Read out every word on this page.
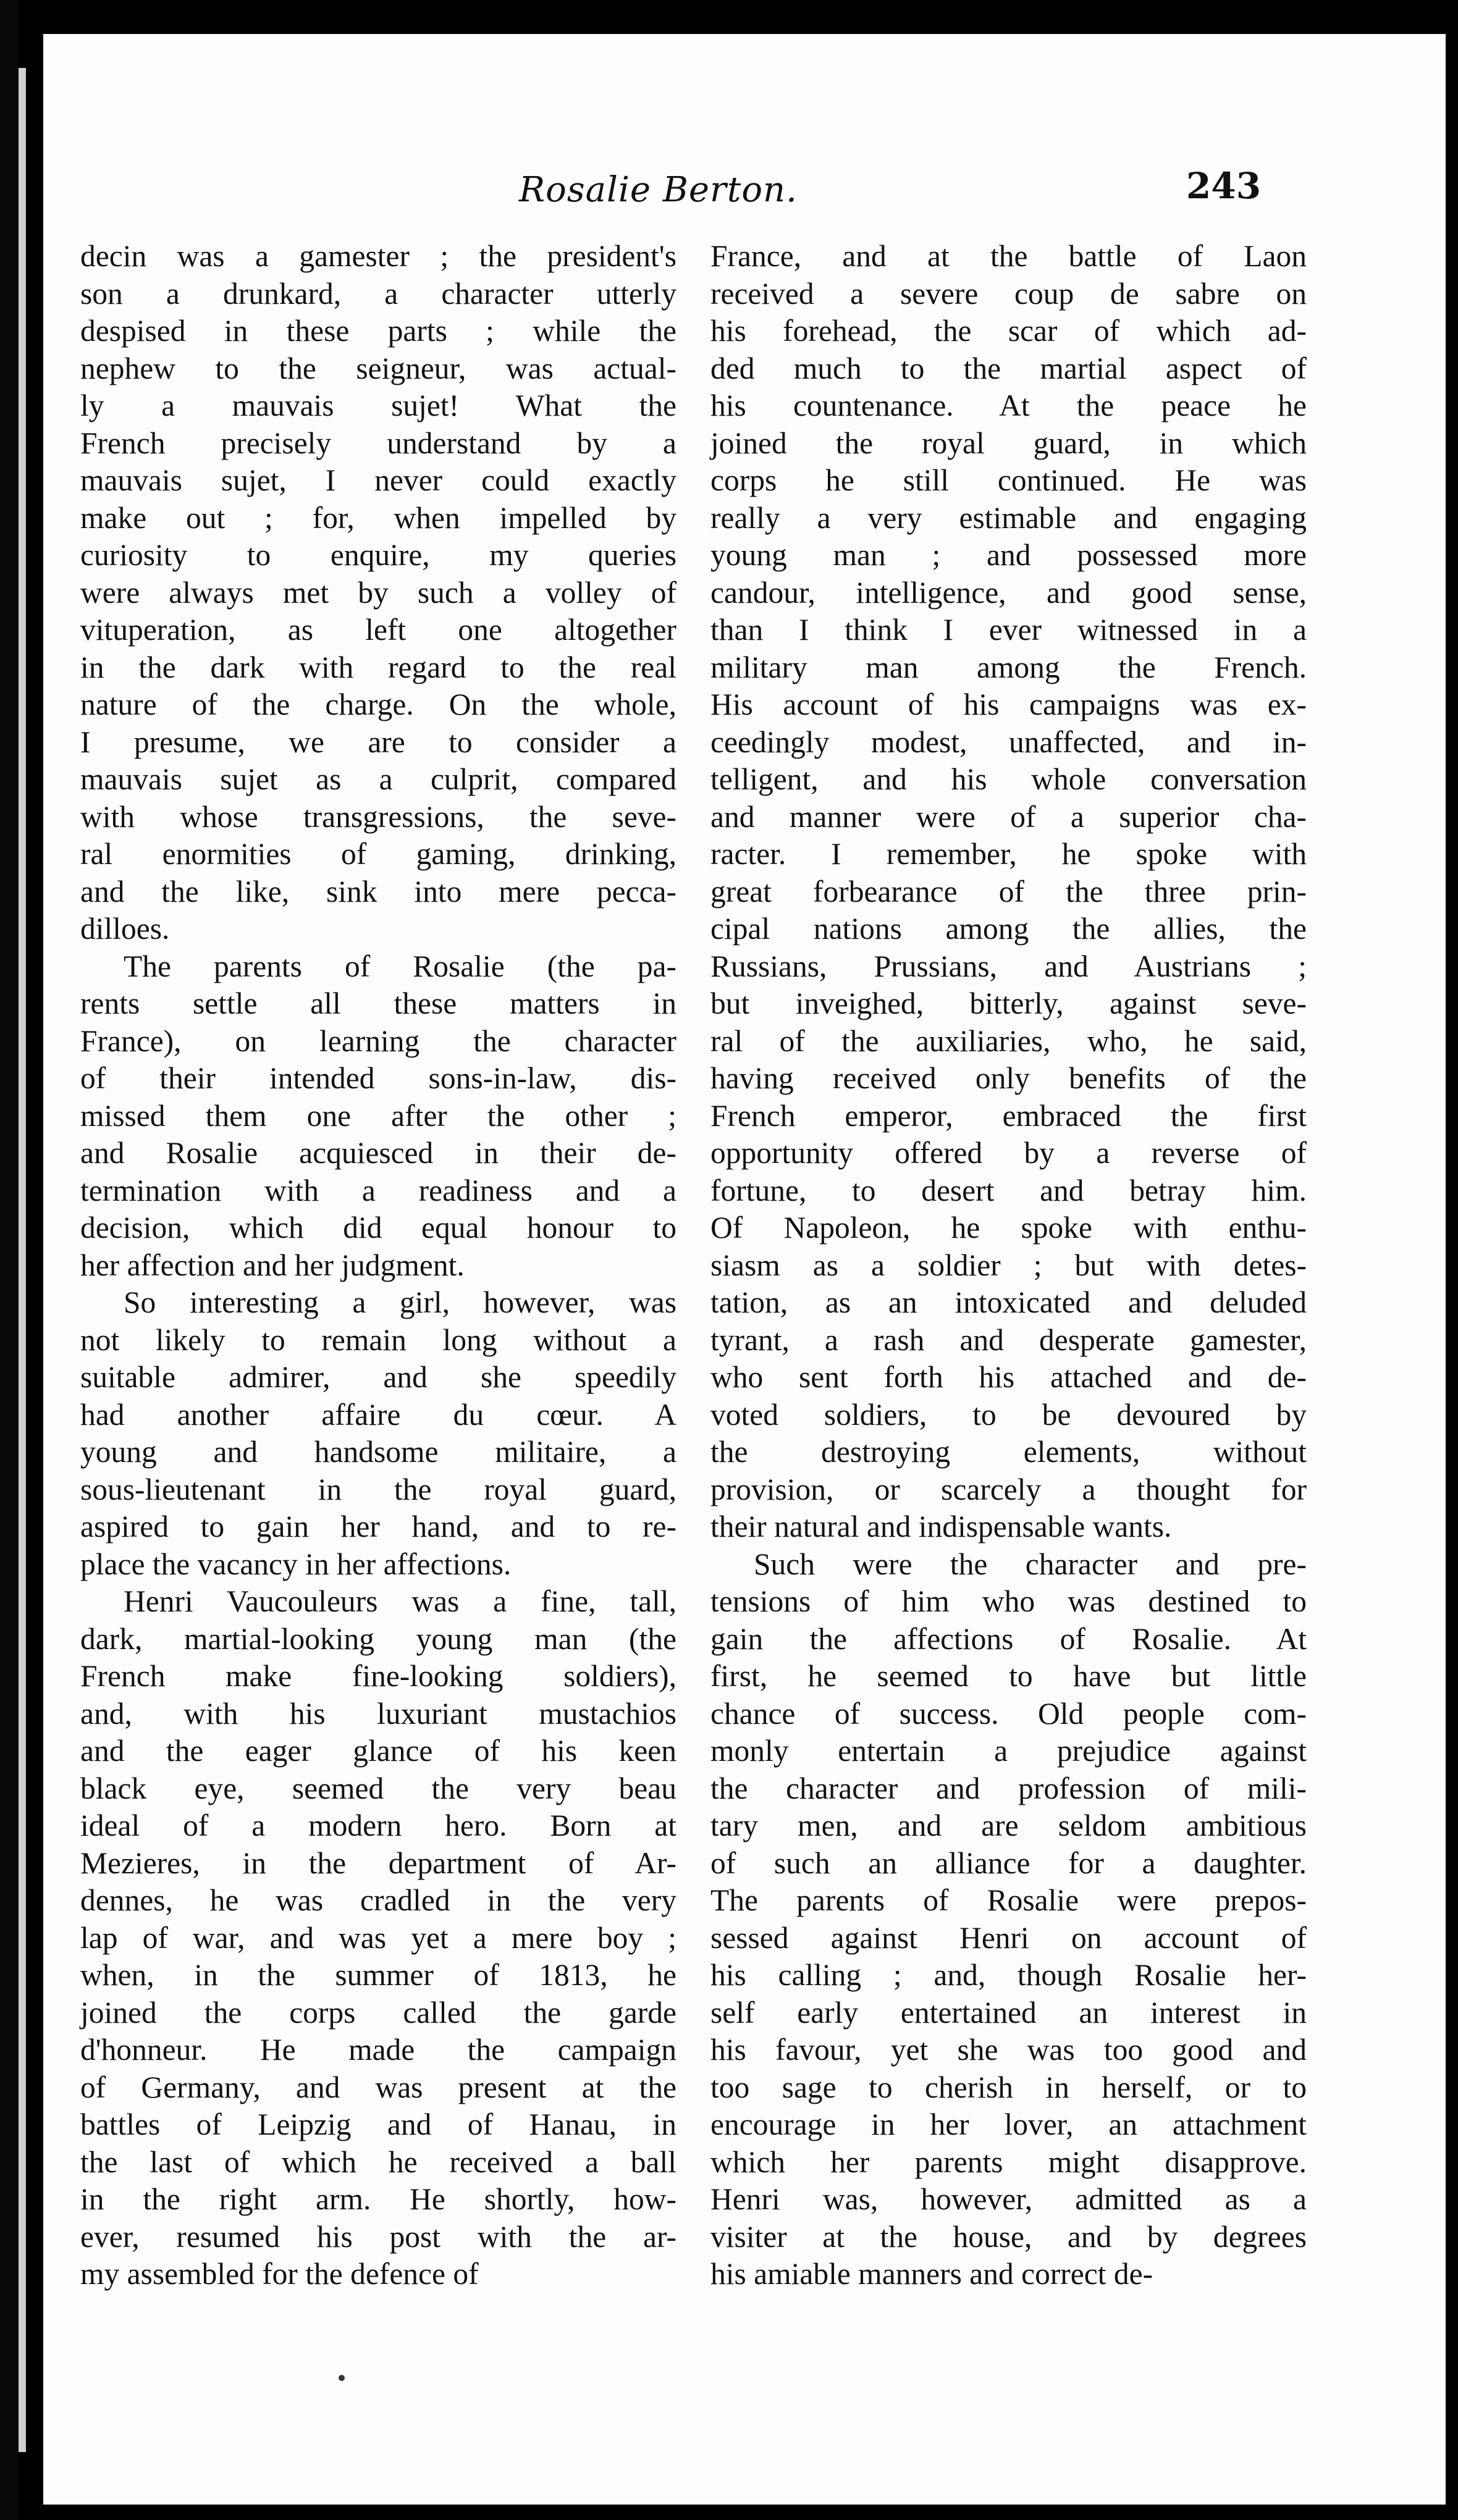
Rosalie Berton.	243
decin was a gamester ; the president's
son a drunkard, a character utterly
despised in these parts ; while the
nephew to the seigneur, was actual-
ly a mauvais sujet! What the
French precisely understand by a
mauvais sujet, I never could exactly
make out ; for, when impelled by
curiosity to enquire, my queries
were always met by such a volley of
vituperation, as left one altogether
in the dark with regard to the real
nature of the charge. On the whole,
I presume, we are to consider a
mauvais sujet as a culprit, compared
with whose transgressions, the seve-
ral enormities of gaming, drinking,
and the like, sink into mere pecca-
dilloes.
The parents of Rosalie (the pa-
rents settle all these matters in
France), on learning the character
of their intended sons-in-law, dis-
missed them one after the other ;
and Rosalie acquiesced in their de-
termination with a readiness and a
decision, which did equal honour to
her affection and her judgment.
So interesting a girl, however, was
not likely to remain long without a
suitable admirer, and she speedily
had another affaire du cœur. A
young and handsome militaire, a
sous-lieutenant in the royal guard,
aspired to gain her hand, and to re-
place the vacancy in her affections.
Henri Vaucouleurs was a fine, tall,
dark, martial-looking young man (the
French make fine-looking soldiers),
and, with his luxuriant mustachios
and the eager glance of his keen
black eye, seemed the very beau
ideal of a modern hero. Born at
Mezieres, in the department of Ar-
dennes, he was cradled in the very
lap of war, and was yet a mere boy ;
when, in the summer of 1813, he
joined the corps called the garde
d'honneur. He made the campaign
of Germany, and was present at the
battles of Leipzig and of Hanau, in
the last of which he received a ball
in the right arm. He shortly, how-
ever, resumed his post with the ar-
my assembled for the defence of
France, and at the battle of Laon
received a severe coup de sabre on
his forehead, the scar of which ad-
ded much to the martial aspect of
his countenance. At the peace he
joined the royal guard, in which
corps he still continued. He was
really a very estimable and engaging
young man ; and possessed more
candour, intelligence, and good sense,
than I think I ever witnessed in a
military man among the French.
His account of his campaigns was ex-
ceedingly modest, unaffected, and in-
telligent, and his whole conversation
and manner were of a superior cha-
racter. I remember, he spoke with
great forbearance of the three prin-
cipal nations among the allies, the
Russians, Prussians, and Austrians ;
but inveighed, bitterly, against seve-
ral of the auxiliaries, who, he said,
having received only benefits of the
French emperor, embraced the first
opportunity offered by a reverse of
fortune, to desert and betray him.
Of Napoleon, he spoke with enthu-
siasm as a soldier ; but with detes-
tation, as an intoxicated and deluded
tyrant, a rash and desperate gamester,
who sent forth his attached and de-
voted soldiers, to be devoured by
the destroying elements, without
provision, or scarcely a thought for
their natural and indispensable wants.
Such were the character and pre-
tensions of him who was destined to
gain the affections of Rosalie. At
first, he seemed to have but little
chance of success. Old people com-
monly entertain a prejudice against
the character and profession of mili-
tary men, and are seldom ambitious
of such an alliance for a daughter.
The parents of Rosalie were prepos-
sessed against Henri on account of
his calling ; and, though Rosalie her-
self early entertained an interest in
his favour, yet she was too good and
too sage to cherish in herself, or to
encourage in her lover, an attachment
which her parents might disapprove.
Henri was, however, admitted as a
visiter at the house, and by degrees
his amiable manners and correct de-
